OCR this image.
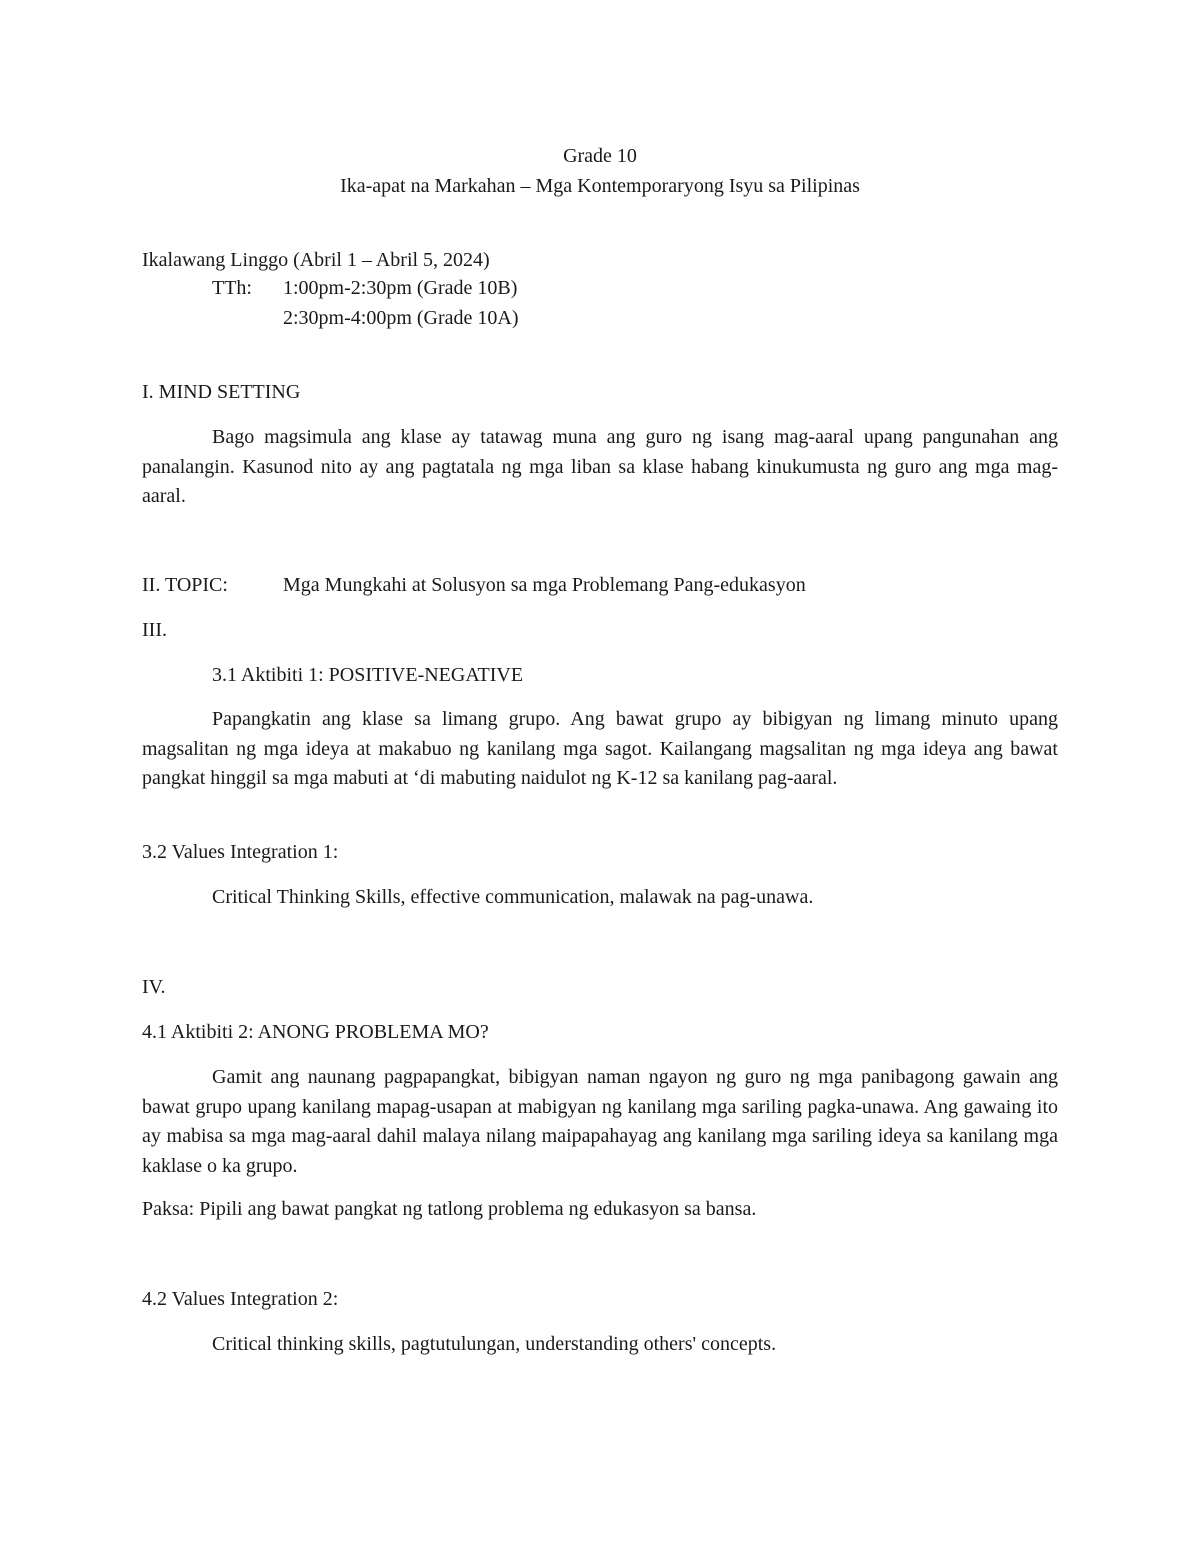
Grade 10
Ika-apat na Markahan – Mga Kontemporaryong Isyu sa Pilipinas
Ikalawang Linggo (Abril 1 – Abril 5, 2024)
TTh: 1:00pm-2:30pm (Grade 10B)
2:30pm-4:00pm (Grade 10A)
I. MIND SETTING

Bago magsimula ang klase ay tatawag muna ang guro ng isang mag-aaral upang pangunahan ang panalangin. Kasunod nito ay ang pagtatala ng mga liban sa klase habang kinukumusta ng guro ang mga mag-aaral.

II. TOPIC:	Mga Mungkahi at Solusyon sa mga Problemang Pang-edukasyon
III.
3.1 Aktibiti 1: POSITIVE-NEGATIVE

Papangkatin ang klase sa limang grupo. Ang bawat grupo ay bibigyan ng limang minuto upang magsalitan ng mga ideya at makabuo ng kanilang mga sagot. Kailangang magsalitan ng mga ideya ang bawat pangkat hinggil sa mga mabuti at ‘di mabuting naidulot ng K-12 sa kanilang pag-aaral.

3.2 Values Integration 1:
Critical Thinking Skills, effective communication, malawak na pag-unawa.
IV.
4.1 Aktibiti 2: ANONG PROBLEMA MO?

Gamit ang naunang pagpapangkat, bibigyan naman ngayon ng guro ng mga panibagong gawain ang bawat grupo upang kanilang mapag-usapan at mabigyan ng kanilang mga sariling pagka-unawa. Ang gawaing ito ay mabisa sa mga mag-aaral dahil malaya nilang maipapahayag ang kanilang mga sariling ideya sa kanilang mga kaklase o ka grupo.

Paksa: Pipili ang bawat pangkat ng tatlong problema ng edukasyon sa bansa.
4.2 Values Integration 2:
Critical thinking skills, pagtutulungan, understanding others' concepts.
